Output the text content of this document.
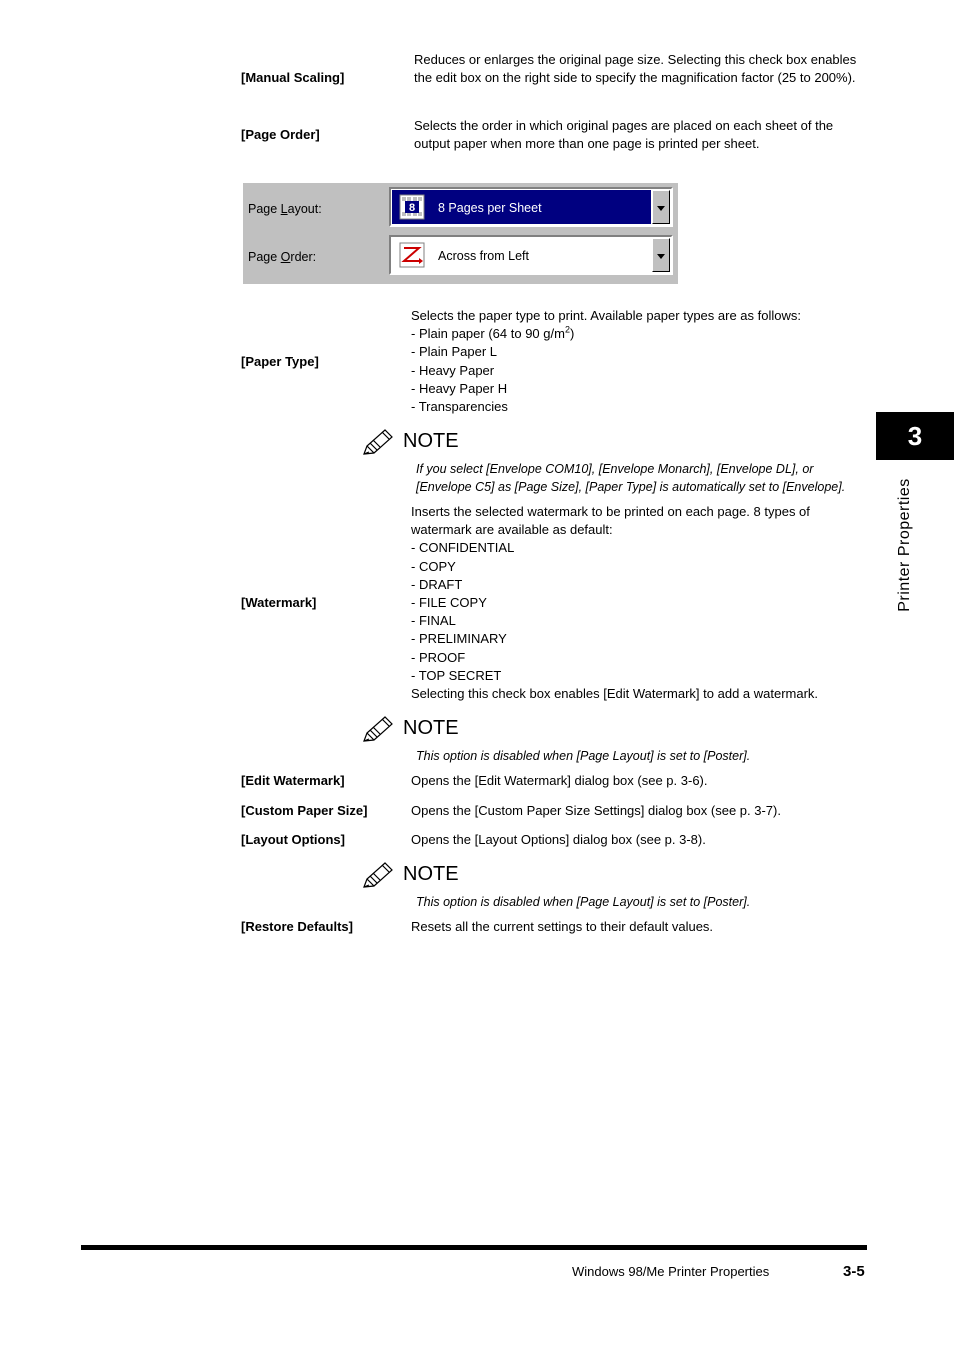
[Manual Scaling]
Reduces or enlarges the original page size. Selecting this check box enables the edit box on the right side to specify the magnification factor (25 to 200%).
[Page Order]
Selects the order in which original pages are placed on each sheet of the output paper when more than one page is printed per sheet.
Page Layout:	8 8 Pages per Sheet
Page Order:	Across from Left
[Paper Type]

Selects the paper type to print. Available paper types are as follows:

- Plain paper (64 to 90 $g/m^2$)
- Plain Paper L
- Heavy Paper
- Heavy Paper H
- Transparencies
NOTE
If you select [Envelope COM10], [Envelope Monarch], [Envelope DL], or
[Envelope C5] as [Page Size], [Paper Type] is automatically set to [Envelope].
[Watermark]

Inserts the selected watermark to be printed on each page. 8 types of

watermark are available as default:

- CONFIDENTIAL
- COPY
- DRAFT
- FILE COPY
- FINAL
- PRELIMINARY
- PROOF
- TOP SECRET

Selecting this check box enables [Edit Watermark] to add a watermark.

NOTE
This option is disabled when [Page Layout] is set to [Poster].
[Edit Watermark]	Opens the [Edit Watermark] dialog box (see p. 3-6).
[Custom Paper Size]	Opens the [Custom Paper Size Settings] dialog box (see p. 3-7).
[Layout Options]	Opens the [Layout Options] dialog box (see p. 3-8).
NOTE
This option is disabled when [Page Layout] is set to [Poster].
[Restore Defaults]	Resets all the current settings to their default values.
3
Printer Properties
Windows 98/Me Printer Properties	3-5
